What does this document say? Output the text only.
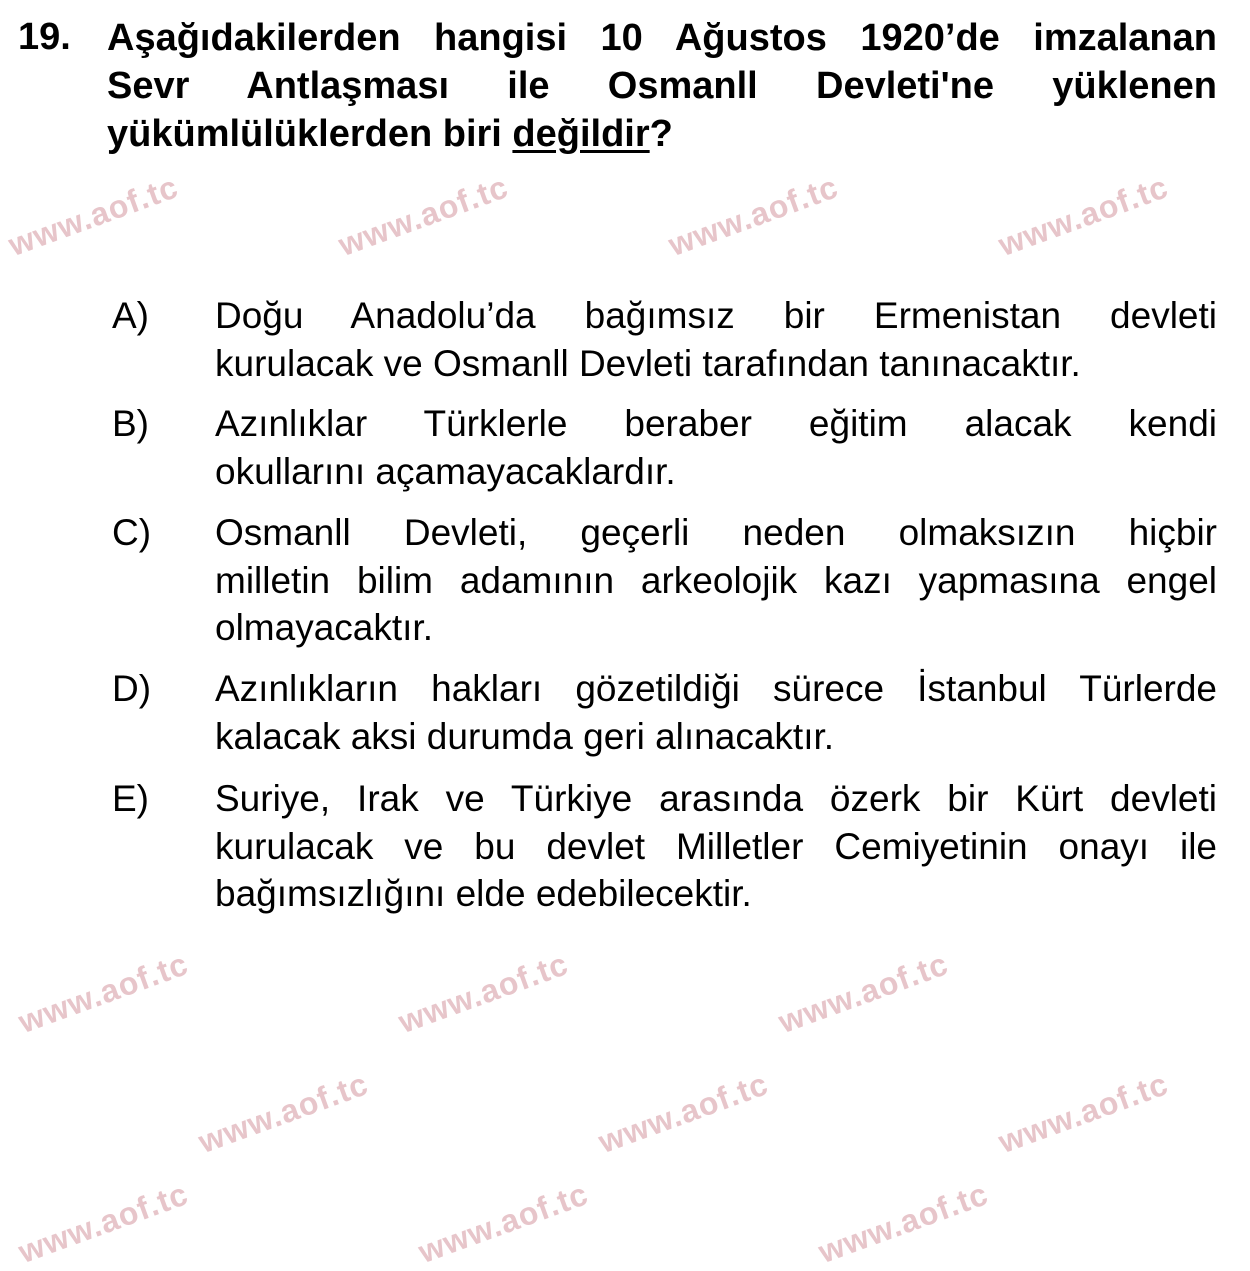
www.aof.tc	www.aof.tc	www.aof.tc	www.aof.tc
www.aof.tc	www.aof.tc	www.aof.tc
www.aof.tc	www.aof.tc	www.aof.tc
www.aof.tc	www.aof.tc	www.aof.tc
19. Aşağıdakilerden hangisi 10 Ağustos 1920’de imzalanan
Sevr Antlaşması ile Osmanll Devleti'ne yüklenen
yükümlülüklerden biri değildir?
A) Doğu Anadolu’da bağımsız bir Ermenistan devleti
kurulacak ve Osmanll Devleti tarafından tanınacaktır.
B) Azınlıklar Türklerle beraber eğitim alacak kendi
okullarını açamayacaklardır.
C) Osmanll Devleti, geçerli neden olmaksızın hiçbir
milletin bilim adamının arkeolojik kazı yapmasına engel
olmayacaktır.
D) Azınlıkların hakları gözetildiği sürece İstanbul Türlerde
kalacak aksi durumda geri alınacaktır.
E) Suriye, Irak ve Türkiye arasında özerk bir Kürt devleti
kurulacak ve bu devlet Milletler Cemiyetinin onayı ile
bağımsızlığını elde edebilecektir.
